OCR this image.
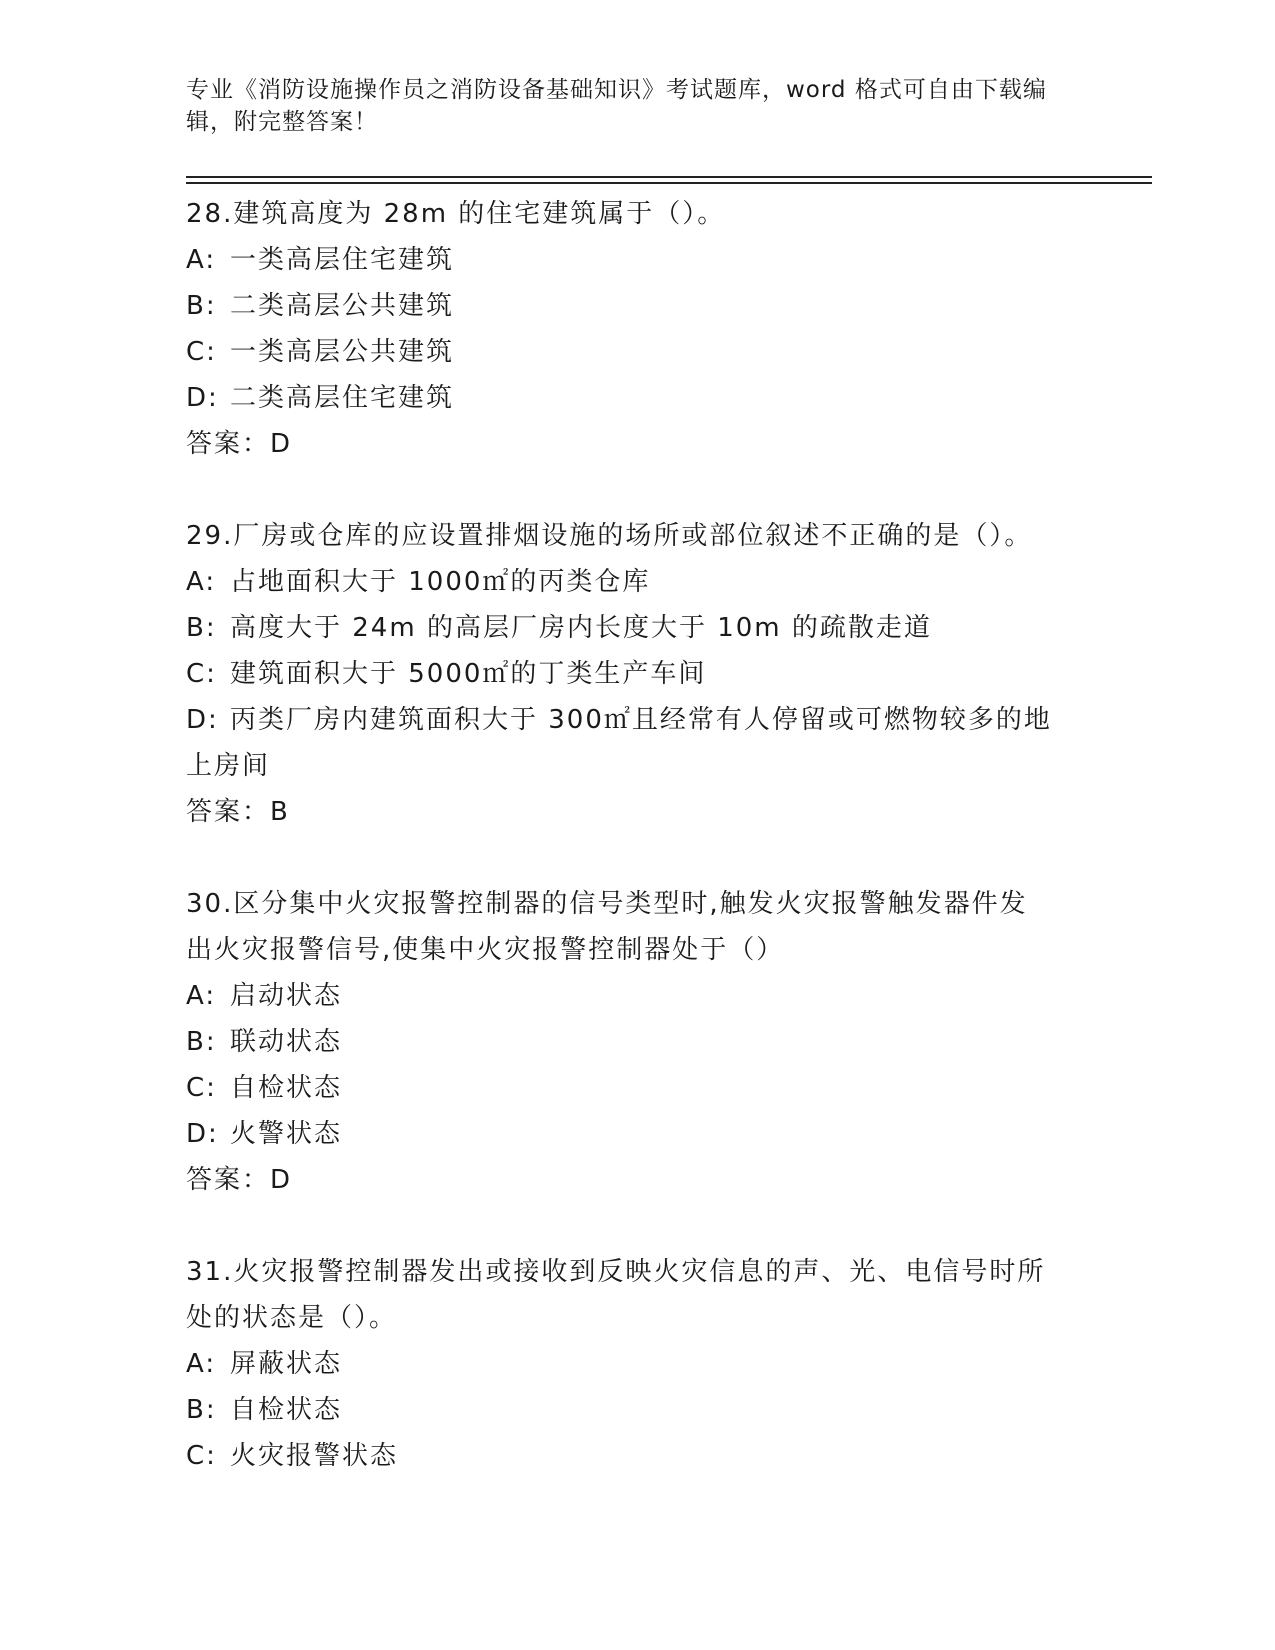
专业《消防设施操作员之消防设备基础知识》考试题库，word 格式可自由下载编
辑，附完整答案！
28.建筑高度为 28m 的住宅建筑属于（）。
A: 一类高层住宅建筑
B: 二类高层公共建筑
C: 一类高层公共建筑
D: 二类高层住宅建筑
答案：D
29.厂房或仓库的应设置排烟设施的场所或部位叙述不正确的是（）。
A: 占地面积大于 1000㎡的丙类仓库
B: 高度大于 24m 的高层厂房内长度大于 10m 的疏散走道
C: 建筑面积大于 5000㎡的丁类生产车间
D: 丙类厂房内建筑面积大于 300㎡且经常有人停留或可燃物较多的地
上房间
答案：B
30.区分集中火灾报警控制器的信号类型时,触发火灾报警触发器件发
出火灾报警信号,使集中火灾报警控制器处于（）
A: 启动状态
B: 联动状态
C: 自检状态
D: 火警状态
答案：D
31.火灾报警控制器发出或接收到反映火灾信息的声、光、电信号时所
处的状态是（）。
A: 屏蔽状态
B: 自检状态
C: 火灾报警状态
